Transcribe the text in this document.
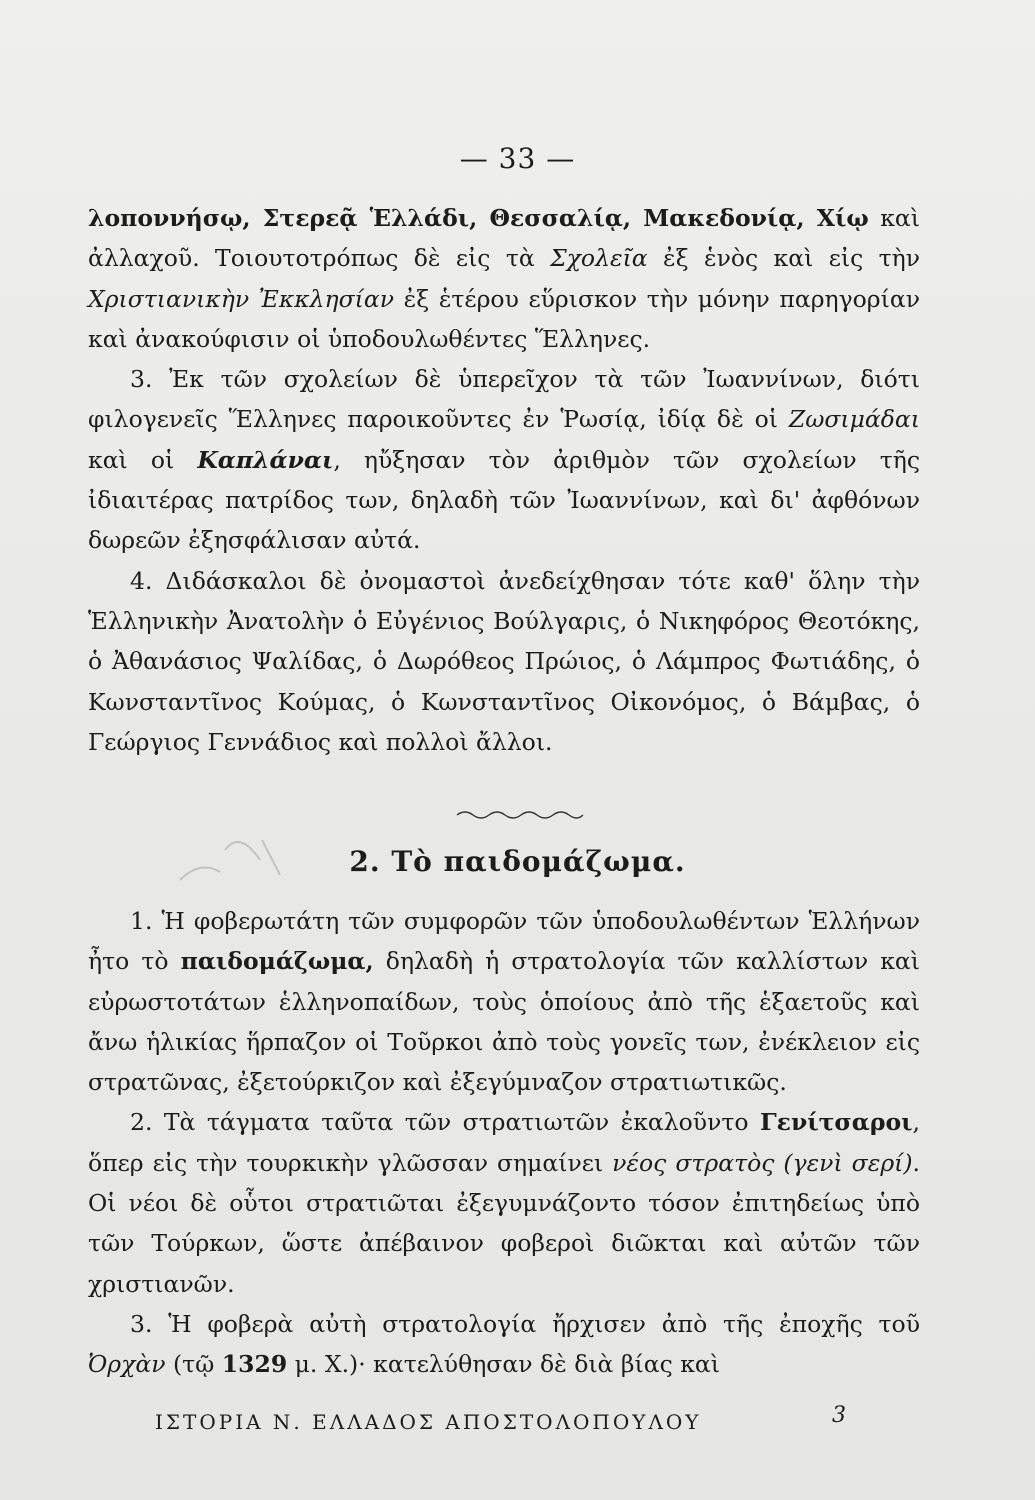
— 33 —

λοποννήσῳ, Στερεᾷ Ἑλλάδι, Θεσσαλίᾳ, Μακεδονίᾳ, Χίῳ καὶ ἀλλαχοῦ. Τοιουτοτρόπως δὲ εἰς τὰ Σχολεῖα ἐξ ἑνὸς καὶ εἰς τὴν Χριστιανικὴν Ἐκκλησίαν ἐξ ἑτέρου εὕρισκον τὴν μόνην παρηγορίαν καὶ ἀνακούφισιν οἱ ὑποδουλωθέντες Ἕλληνες.

3. Ἐκ τῶν σχολείων δὲ ὑπερεῖχον τὰ τῶν Ἰωαννίνων, διότι φιλογενεῖς Ἕλληνες παροικοῦντες ἐν Ῥωσίᾳ, ἰδίᾳ δὲ οἱ Ζωσιμάδαι καὶ οἱ Καπλάναι, ηὔξησαν τὸν ἀριθμὸν τῶν σχολείων τῆς ἰδιαιτέρας πατρίδος των, δηλαδὴ τῶν Ἰωαννίνων, καὶ δι' ἀφθόνων δωρεῶν ἐξησφάλισαν αὐτά.

4. Διδάσκαλοι δὲ ὀνομαστοὶ ἀνεδείχθησαν τότε καθ' ὅλην τὴν Ἑλληνικὴν Ἀνατολὴν ὁ Εὐγένιος Βούλγαρις, ὁ Νικηφόρος Θεοτόκης, ὁ Ἀθανάσιος Ψαλίδας, ὁ Δωρόθεος Πρώιος, ὁ Λάμπρος Φωτιάδης, ὁ Κωνσταντῖνος Κούμας, ὁ Κωνσταντῖνος Οἰκονόμος, ὁ Βάμβας, ὁ Γεώργιος Γεννάδιος καὶ πολλοὶ ἄλλοι.

2. Τὸ παιδομάζωμα.

1. Ἡ φοβερωτάτη τῶν συμφορῶν τῶν ὑποδουλωθέντων Ἑλλήνων ἦτο τὸ παιδομάζωμα, δηλαδὴ ἡ στρατολογία τῶν καλλίστων καὶ εὐρωστοτάτων ἑλληνοπαίδων, τοὺς ὁποίους ἀπὸ τῆς ἑξαετοῦς καὶ ἄνω ἡλικίας ἥρπαζον οἱ Τοῦρκοι ἀπὸ τοὺς γονεῖς των, ἐνέκλειον εἰς στρατῶνας, ἐξετούρκιζον καὶ ἐξεγύμναζον στρατιωτικῶς.

2. Τὰ τάγματα ταῦτα τῶν στρατιωτῶν ἐκαλοῦντο Γενίτσαροι, ὅπερ εἰς τὴν τουρκικὴν γλῶσσαν σημαίνει νέος στρατὸς (γενὶ σερί). Οἱ νέοι δὲ οὗτοι στρατιῶται ἐξεγυμνάζοντο τόσον ἐπιτηδείως ὑπὸ τῶν Τούρκων, ὥστε ἀπέβαινον φοβεροὶ διῶκται καὶ αὐτῶν τῶν χριστιανῶν.

3. Ἡ φοβερὰ αὐτὴ στρατολογία ἤρχισεν ἀπὸ τῆς ἐποχῆς τοῦ Ὀρχὰν (τῷ 1329 μ. Χ.)· κατελύθησαν δὲ διὰ βίας καὶ

ΙΣΤΟΡΙΑ Ν. ΕΛΛΑΔΟΣ ΑΠΟΣΤΟΛΟΠΟΥΛΟΥ	3
